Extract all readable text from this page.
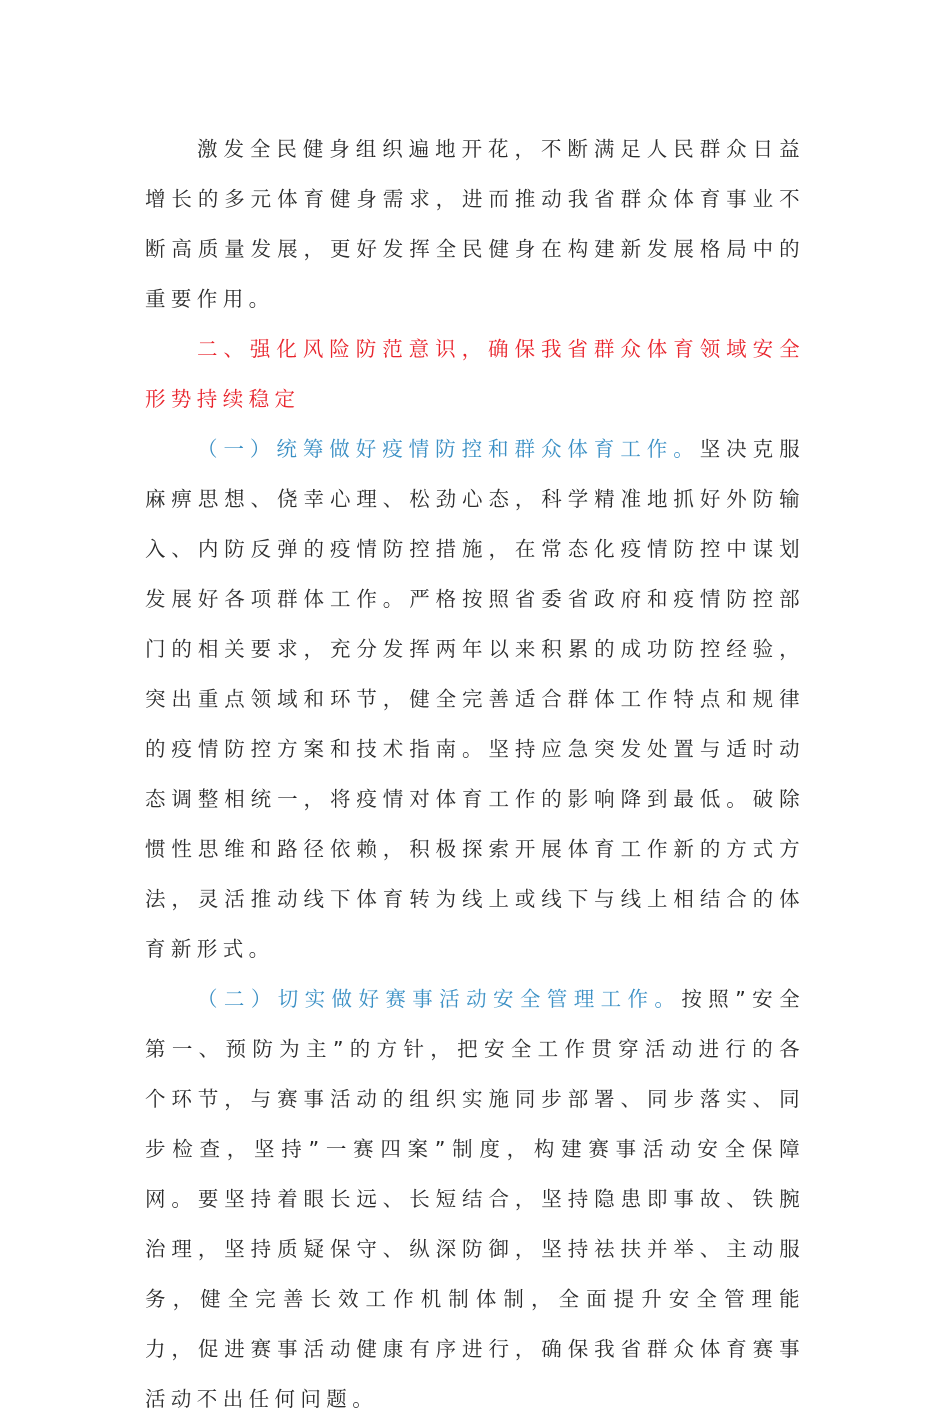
激发全民健身组织遍地开花，不断满足人民群众日益增长的多元体育健身需求，进而推动我省群众体育事业不断高质量发展，更好发挥全民健身在构建新发展格局中的重要作用。

二、强化风险防范意识，确保我省群众体育领域安全形势持续稳定

（一）统筹做好疫情防控和群众体育工作。坚决克服麻痹思想、侥幸心理、松劲心态，科学精准地抓好外防输入、内防反弹的疫情防控措施，在常态化疫情防控中谋划发展好各项群体工作。严格按照省委省政府和疫情防控部门的相关要求，充分发挥两年以来积累的成功防控经验，突出重点领域和环节，健全完善适合群体工作特点和规律的疫情防控方案和技术指南。坚持应急突发处置与适时动态调整相统一，将疫情对体育工作的影响降到最低。破除惯性思维和路径依赖，积极探索开展体育工作新的方式方法，灵活推动线下体育转为线上或线下与线上相结合的体育新形式。

（二）切实做好赛事活动安全管理工作。按照”安全第一、预防为主”的方针，把安全工作贯穿活动进行的各个环节，与赛事活动的组织实施同步部署、同步落实、同步检查，坚持”一赛四案”制度，构建赛事活动安全保障网。要坚持着眼长远、长短结合，坚持隐患即事故、铁腕治理，坚持质疑保守、纵深防御，坚持祛扶并举、主动服务，健全完善长效工作机制体制，全面提升安全管理能力，促进赛事活动健康有序进行，确保我省群众体育赛事活动不出任何问题。
